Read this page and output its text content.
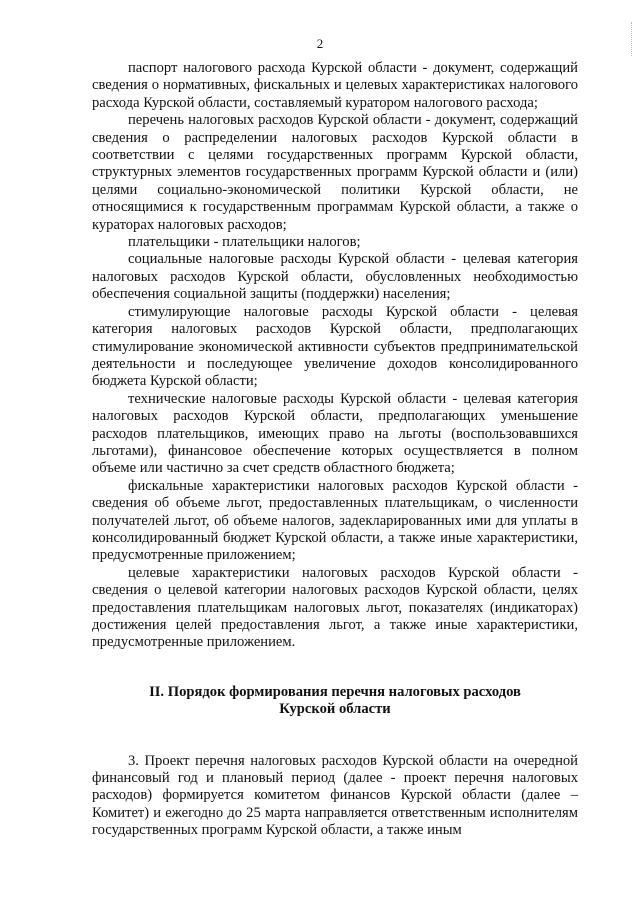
2

паспорт налогового расхода Курской области - документ, содержащий сведения о нормативных, фискальных и целевых характеристиках налогового расхода Курской области, составляемый куратором налогового расхода;

перечень налоговых расходов Курской области - документ, содержащий сведения о распределении налоговых расходов Курской области в соответствии с целями государственных программ Курской области, структурных элементов государственных программ Курской области и (или) целями социально-экономической политики Курской области, не относящимися к государственным программам Курской области, а также о кураторах налоговых расходов;

плательщики - плательщики налогов;

социальные налоговые расходы Курской области - целевая категория налоговых расходов Курской области, обусловленных необходимостью обеспечения социальной защиты (поддержки) населения;

стимулирующие налоговые расходы Курской области - целевая категория налоговых расходов Курской области, предполагающих стимулирование экономической активности субъектов предпринимательской деятельности и последующее увеличение доходов консолидированного бюджета Курской области;

технические налоговые расходы Курской области - целевая категория налоговых расходов Курской области, предполагающих уменьшение расходов плательщиков, имеющих право на льготы (воспользовавшихся льготами), финансовое обеспечение которых осуществляется в полном объеме или частично за счет средств областного бюджета;

фискальные характеристики налоговых расходов Курской области - сведения об объеме льгот, предоставленных плательщикам, о численности получателей льгот, об объеме налогов, задекларированных ими для уплаты в консолидированный бюджет Курской области, а также иные характеристики, предусмотренные приложением;

целевые характеристики налоговых расходов Курской области - сведения о целевой категории налоговых расходов Курской области, целях предоставления плательщикам налоговых льгот, показателях (индикаторах) достижения целей предоставления льгот, а также иные характеристики, предусмотренные приложением.

II. Порядок формирования перечня налоговых расходов
Курской области

3. Проект перечня налоговых расходов Курской области на очередной финансовый год и плановый период (далее - проект перечня налоговых расходов) формируется комитетом финансов Курской области (далее – Комитет) и ежегодно до 25 марта направляется ответственным исполнителям государственных программ Курской области, а также иным
